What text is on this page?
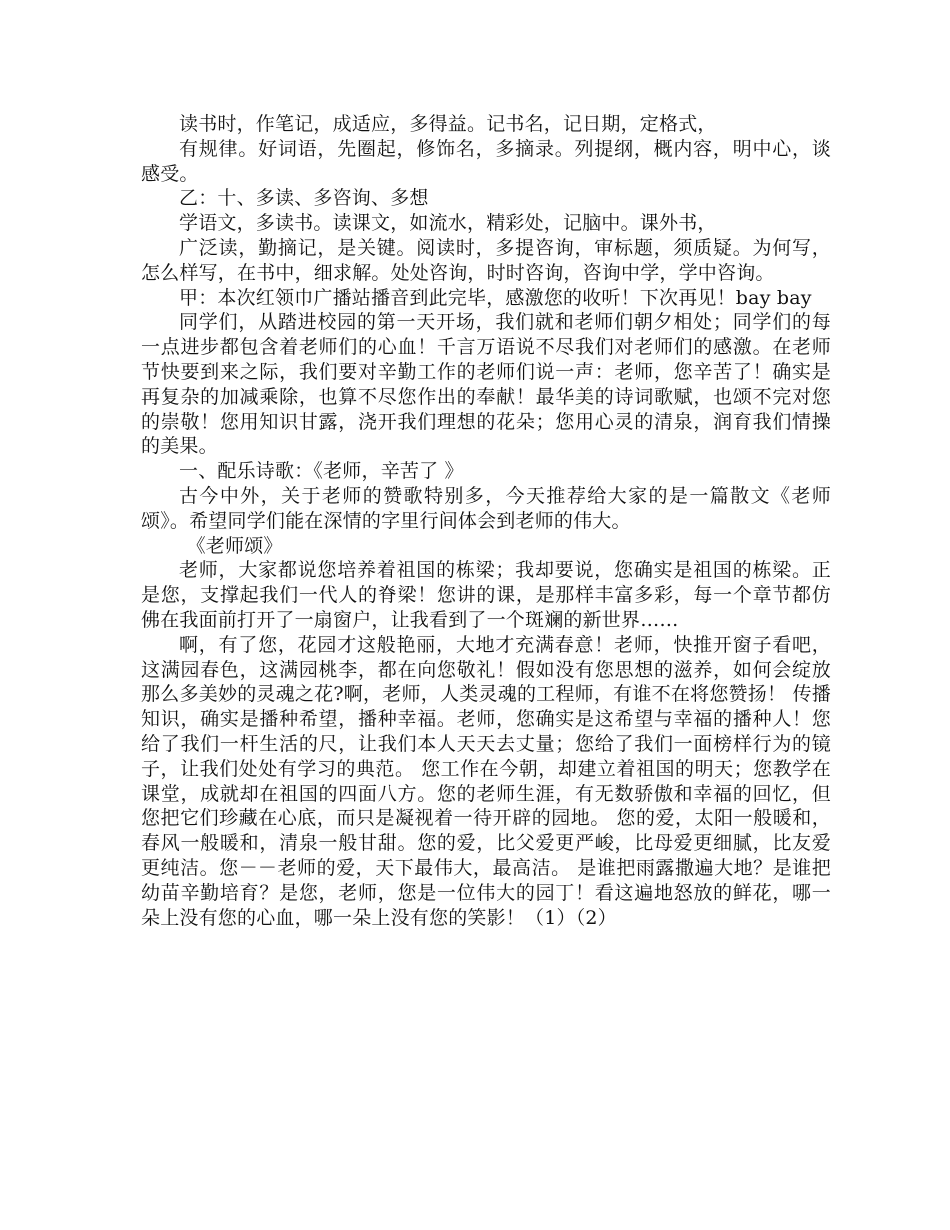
读书时，作笔记，成适应，多得益。记书名，记日期，定格式，

有规律。好词语，先圈起，修饰名，多摘录。列提纲，概内容，明中心，谈感受。

乙：十、多读、多咨询、多想

学语文，多读书。读课文，如流水，精彩处，记脑中。课外书，

广泛读，勤摘记，是关键。阅读时，多提咨询，审标题，须质疑。为何写，怎么样写，在书中，细求解。处处咨询，时时咨询，咨询中学，学中咨询。

甲：本次红领巾广播站播音到此完毕，感激您的收听！下次再见！bay bay

同学们，从踏进校园的第一天开场，我们就和老师们朝夕相处；同学们的每一点进步都包含着老师们的心血！千言万语说不尽我们对老师们的感激。在老师节快要到来之际，我们要对辛勤工作的老师们说一声：老师，您辛苦了！确实是再复杂的加减乘除，也算不尽您作出的奉献！最华美的诗词歌赋，也颂不完对您的崇敬！您用知识甘露，浇开我们理想的花朵；您用心灵的清泉，润育我们情操的美果。

一、配乐诗歌：《老师，辛苦了 》

古今中外，关于老师的赞歌特别多，今天推荐给大家的是一篇散文《老师颂》。希望同学们能在深情的字里行间体会到老师的伟大。

《老师颂》

老师，大家都说您培养着祖国的栋梁；我却要说，您确实是祖国的栋梁。正是您，支撑起我们一代人的脊梁！您讲的课，是那样丰富多彩，每一个章节都仿佛在我面前打开了一扇窗户，让我看到了一个斑斓的新世界……

啊，有了您，花园才这般艳丽，大地才充满春意！老师，快推开窗子看吧，这满园春色，这满园桃李，都在向您敬礼！假如没有您思想的滋养，如何会绽放那么多美妙的灵魂之花?啊，老师，人类灵魂的工程师，有谁不在将您赞扬！ 传播知识，确实是播种希望，播种幸福。老师，您确实是这希望与幸福的播种人！您给了我们一杆生活的尺，让我们本人天天去丈量；您给了我们一面榜样行为的镜子，让我们处处有学习的典范。 您工作在今朝，却建立着祖国的明天；您教学在课堂，成就却在祖国的四面八方。您的老师生涯，有无数骄傲和幸福的回忆，但您把它们珍藏在心底，而只是凝视着一待开辟的园地。 您的爱，太阳一般暖和，春风一般暖和，清泉一般甘甜。您的爱，比父爱更严峻，比母爱更细腻，比友爱更纯洁。您－－老师的爱，天下最伟大，最高洁。 是谁把雨露撒遍大地？是谁把幼苗辛勤培育？是您，老师，您是一位伟大的园丁！看这遍地怒放的鲜花，哪一朵上没有您的心血，哪一朵上没有您的笑影！（1）（2）
